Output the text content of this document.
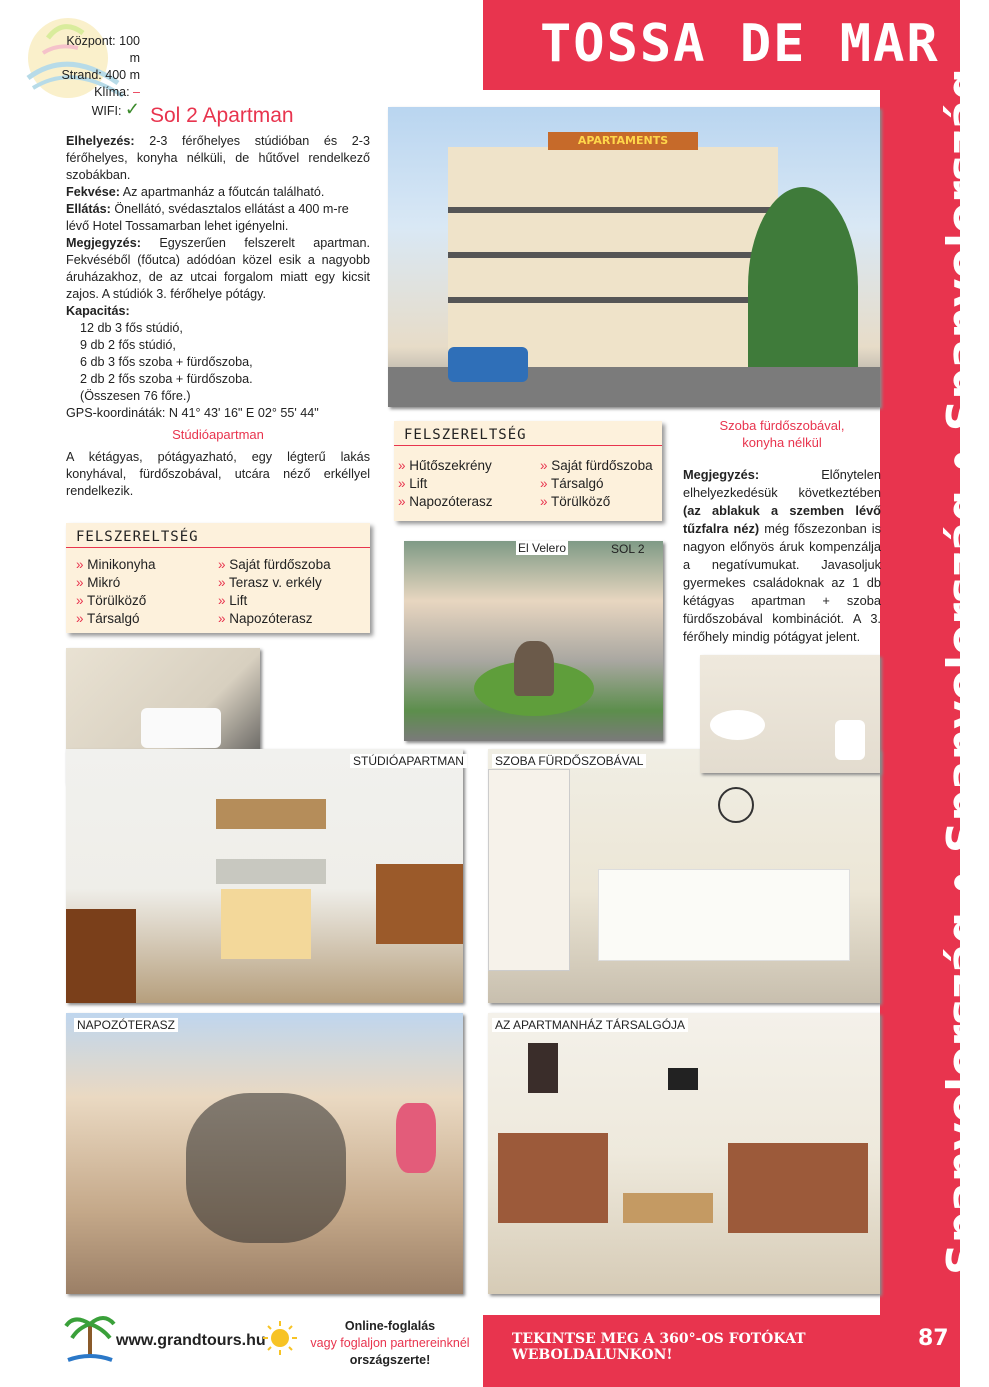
TOSSA DE MAR
Spanyolország • Spanyolország • Spanyolország
Központ: 100 m
Strand: 400 m
Klíma: –
WIFI: ✓ Sol 2 Apartman

Elhelyezés: 2-3 férőhelyes stúdióban és 2-3 férőhelyes, konyha nélküli, de hűtővel rendelkező szobákban.

Fekvése: Az apartmanház a főutcán található.

Ellátás: Önellátó, svédasztalos ellátást a 400 m-re lévő Hotel Tossamarban lehet igényelni.

Megjegyzés: Egyszerűen felszerelt apartman. Fekvéséből (főutca) adódóan közel esik a nagyobb áruházakhoz, de az utcai forgalom miatt egy kicsit zajos. A stúdiók 3. férőhelye pótágy.

Kapacitás:

12 db 3 fős stúdió,

9 db 2 fős stúdió,

6 db 3 fős szoba + fürdőszoba,

2 db 2 fős szoba + fürdőszoba.

(Összesen 76 főre.)

GPS-koordináták: N 41° 43' 16" E 02° 55' 44"

Stúdióapartman

A kétágyas, pótágyazható, egy légterű lakás konyhával, fürdőszobával, utcára néző erkéllyel rendelkezik.

FELSZERELTSÉG
» Minikonyha
» Mikró
» Törülköző
» Társalgó
» Saját fürdőszoba
» Terasz v. erkély
» Lift
» Napozóterasz
APARTAMENTS
FELSZERELTSÉG
» Hűtőszekrény
» Lift
» Napozóterasz
» Saját fürdőszoba
» Társalgó
» Törülköző
El Velero	SOL 2
STÚDIÓAPARTMAN	SZOBA FÜRDŐSZOBÁVAL
NAPOZÓTERASZ	AZ APARTMANHÁZ TÁRSALGÓJA
Szoba fürdőszobával,
konyha nélkül
Megjegyzés:	Előnytelen elhelyezkedésük következtében (az ablakuk a szemben lévő tűzfalra néz) még főszezonban is nagyon előnyös áruk kompenzálja a negatívumukat. Javasoljuk gyermekes családoknak az 1 db kétágyas apartman + szoba fürdőszobával kombinációt. A 3. férőhely mindig pótágyat jelent.
www.grandtours.hu
Online-foglalás
vagy foglaljon partnereinknél
országszerte!
TEKINTSE MEG A 360°-OS FOTÓKAT WEBOLDALUNKON!
87
